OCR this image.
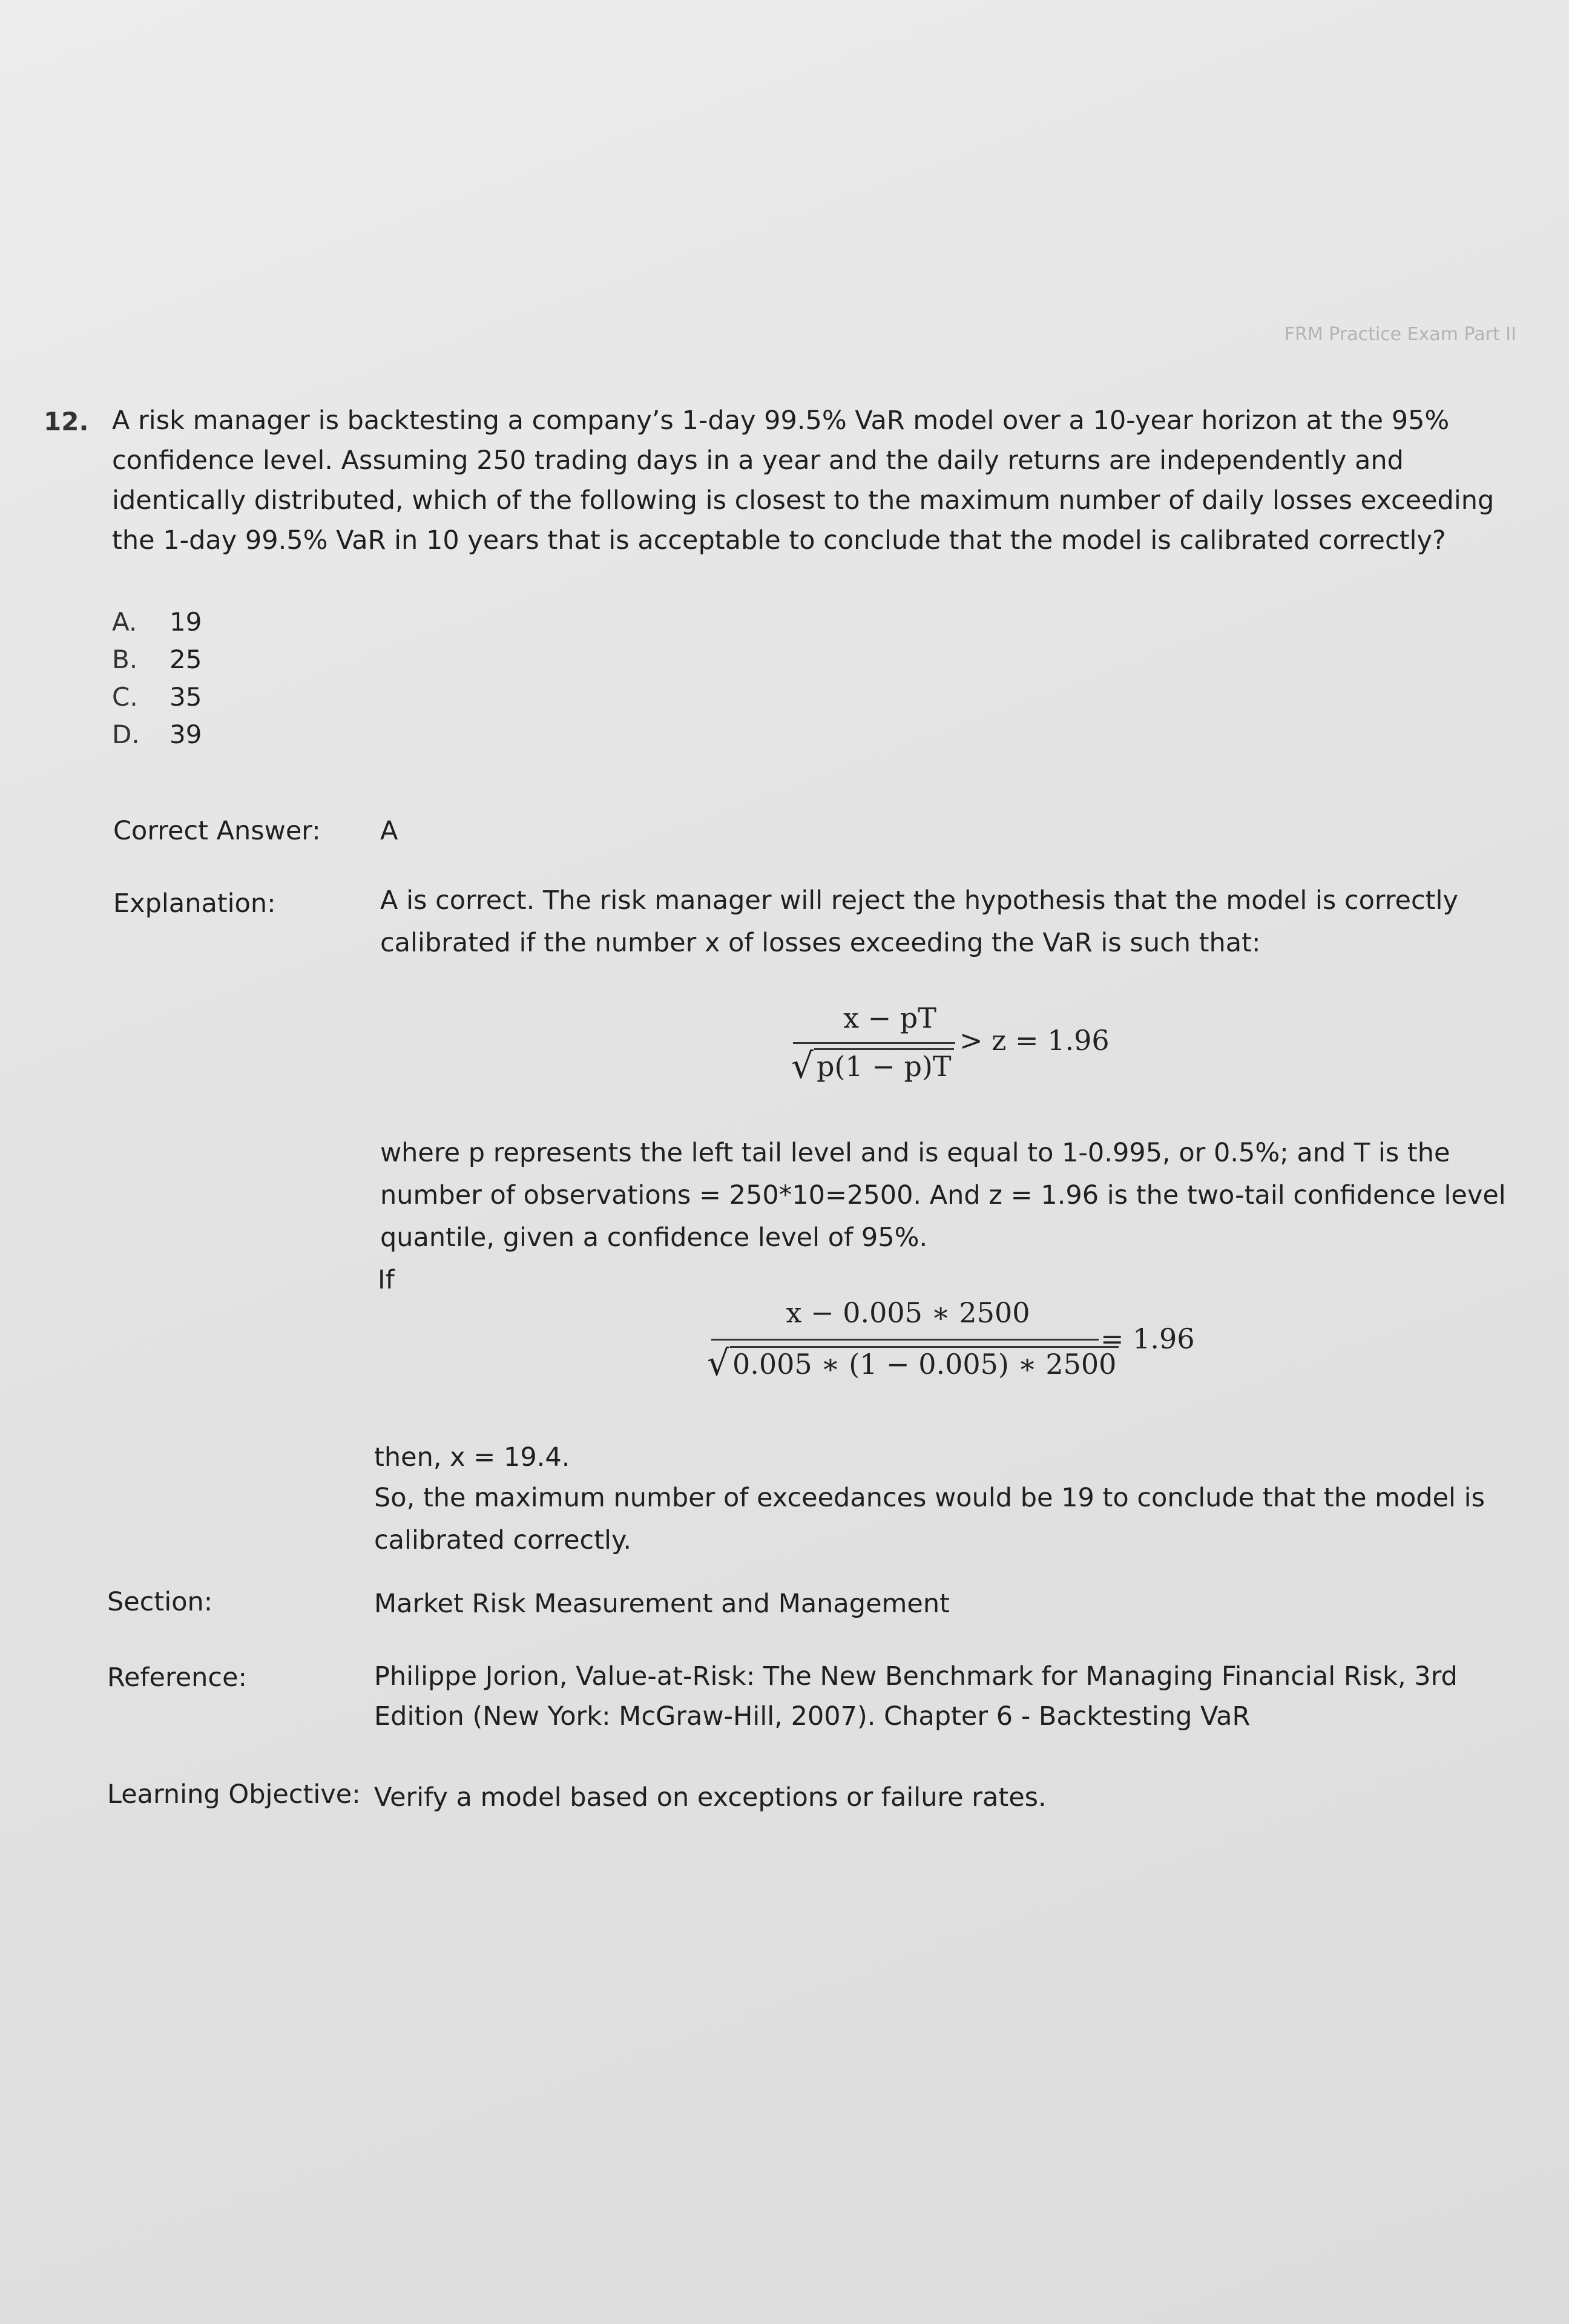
FRM Practice Exam Part II
12. A risk manager is backtesting a company’s 1-day 99.5% VaR model over a 10-year horizon at the 95% confidence level. Assuming 250 trading days in a year and the daily returns are independently and identically distributed, which of the following is closest to the maximum number of daily losses exceeding the 1-day 99.5% VaR in 10 years that is acceptable to conclude that the model is calibrated correctly?
A.	19
B.	25
C.	35
D.	39
Correct Answer: A
Explanation:	A is correct. The risk manager will reject the hypothesis that the model is correctly calibrated if the number x of losses exceeding the VaR is such that:
x − pT
√ p(1 − p)T
> z = 1.96
where p represents the left tail level and is equal to 1-0.995, or 0.5%; and T is the number of observations = 250*10=2500. And z = 1.96 is the two-tail confidence level quantile, given a confidence level of 95%.
If
x − 0.005 ∗ 2500
√ 0.005 ∗ (1 − 0.005) ∗ 2500
= 1.96
then, x = 19.4.
So, the maximum number of exceedances would be 19 to conclude that the model is calibrated correctly.
Section:	Market Risk Measurement and Management
Reference:	Philippe Jorion, Value-at-Risk: The New Benchmark for Managing Financial Risk, 3rd Edition (New York: McGraw-Hill, 2007). Chapter 6 - Backtesting VaR
Learning Objective: Verify a model based on exceptions or failure rates.
